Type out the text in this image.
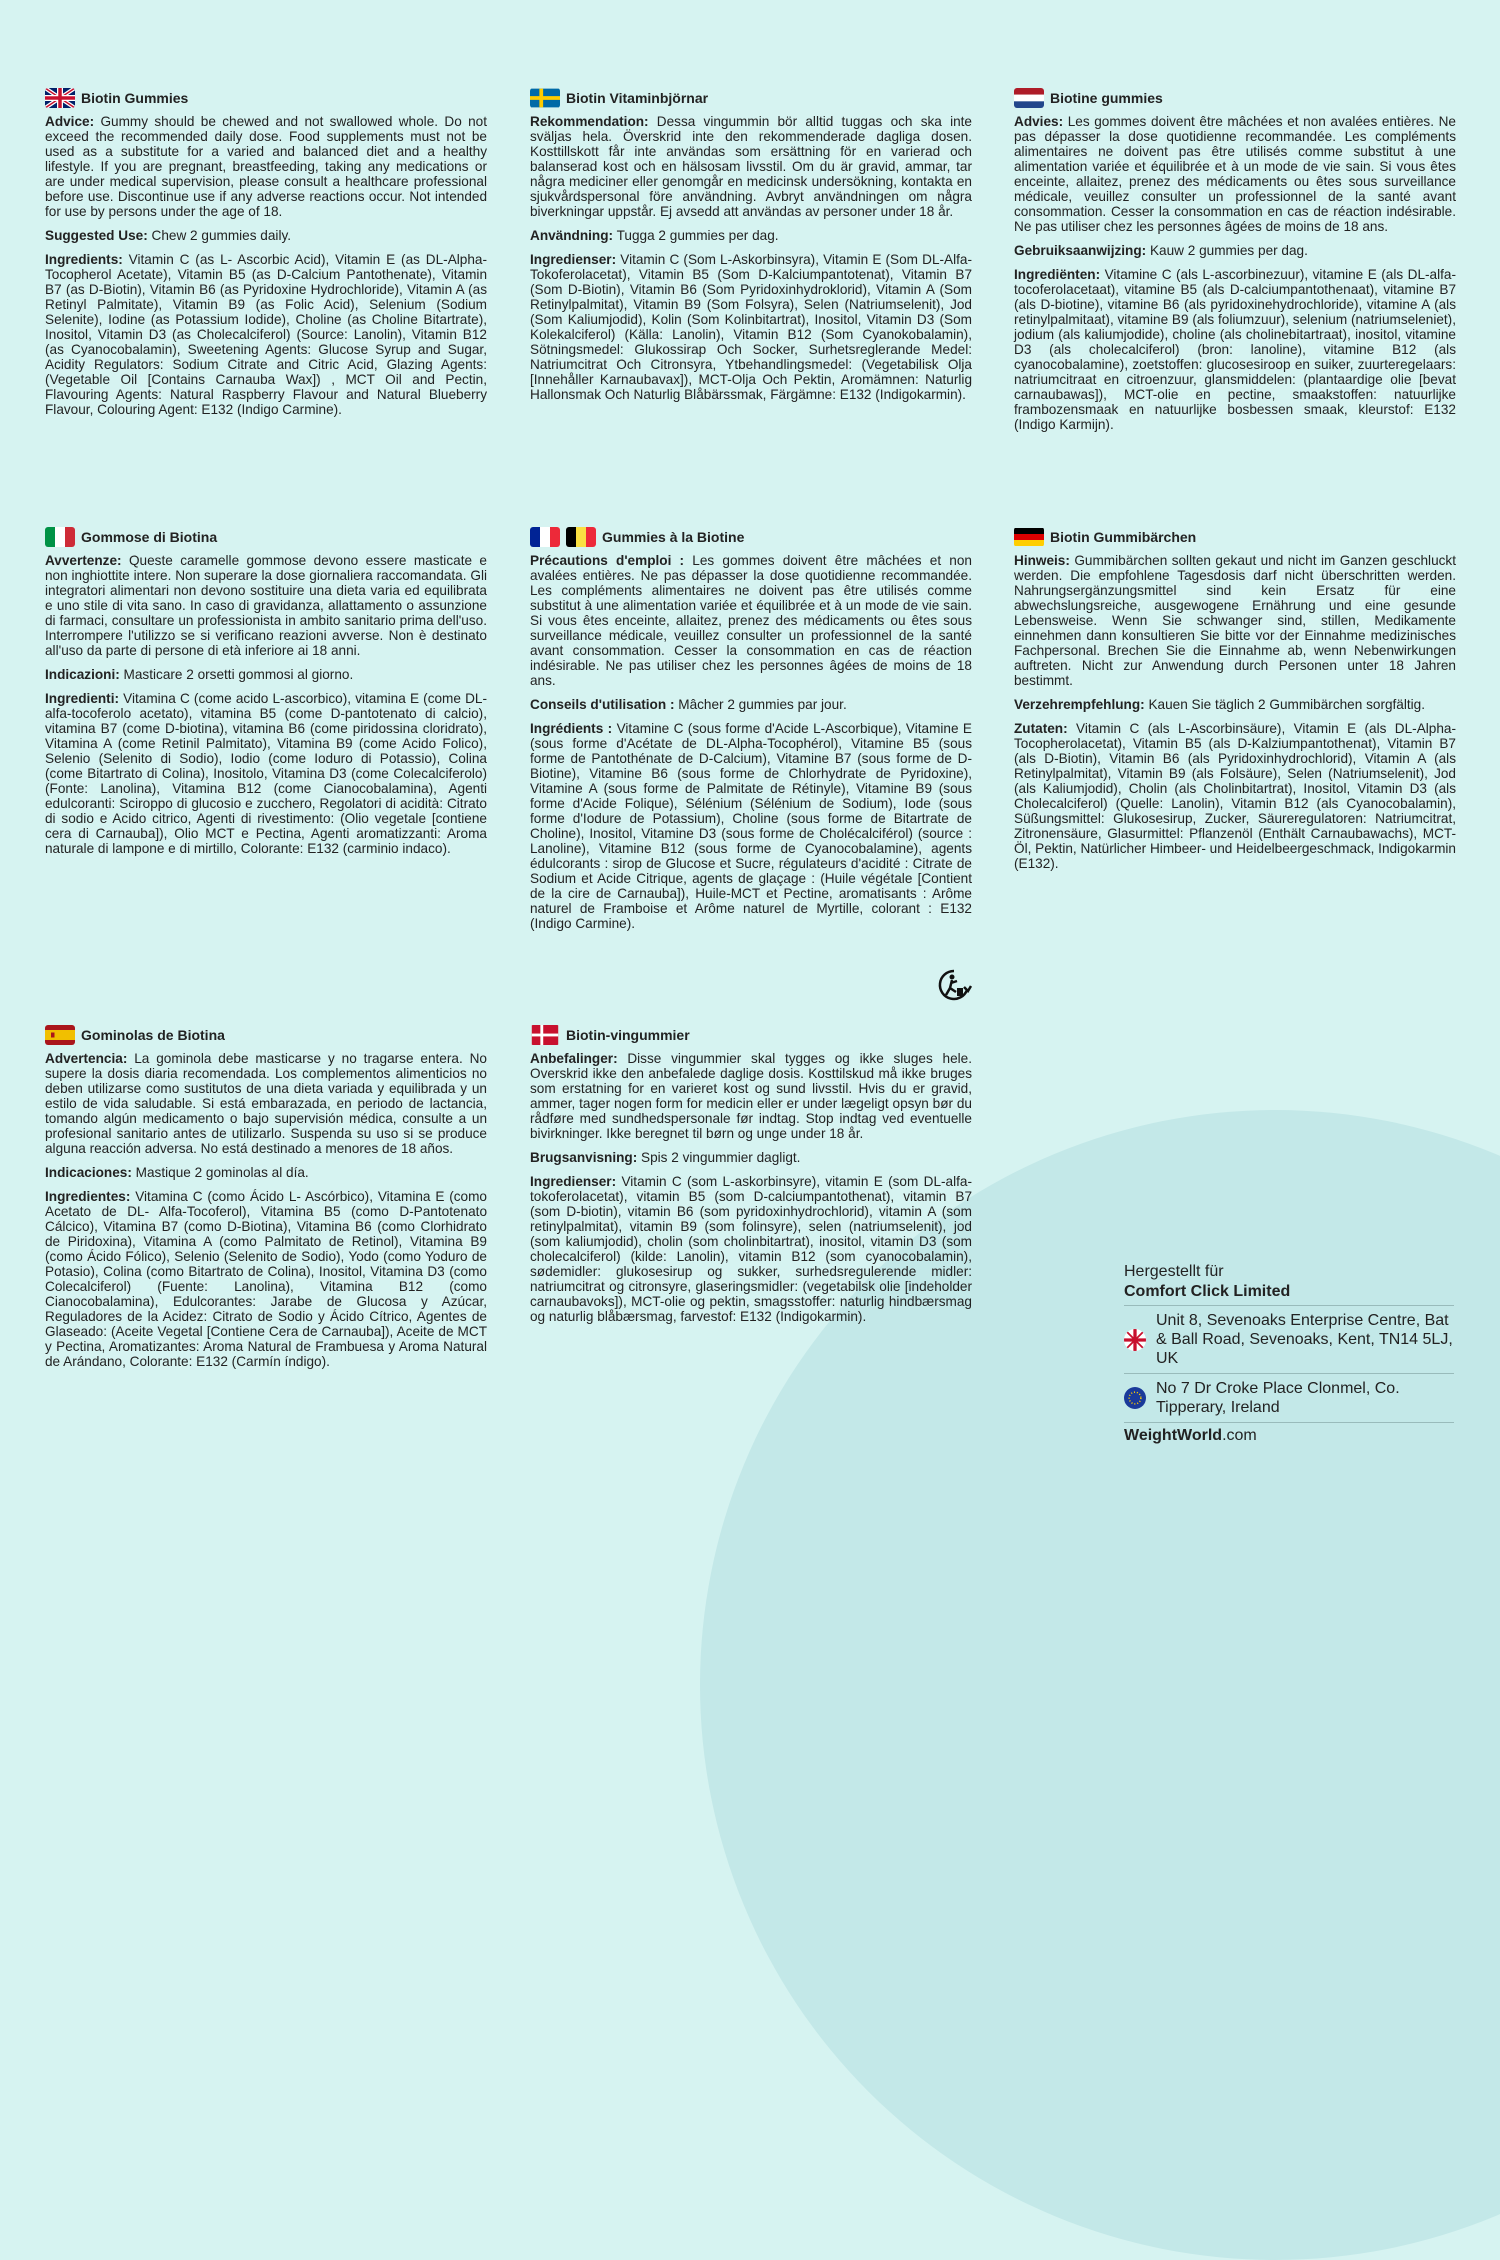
Biotin Gummies

Advice: Gummy should be chewed and not swallowed whole. Do not exceed the recommended daily dose. Food supplements must not be used as a substitute for a varied and balanced diet and a healthy lifestyle. If you are pregnant, breastfeeding, taking any medications or are under medical supervision, please consult a healthcare professional before use. Discontinue use if any adverse reactions occur. Not intended for use by persons under the age of 18.

Suggested Use: Chew 2 gummies daily.

Ingredients: Vitamin C (as L- Ascorbic Acid), Vitamin E (as DL-Alpha-Tocopherol Acetate), Vitamin B5 (as D-Calcium Pantothenate), Vitamin B7 (as D-Biotin), Vitamin B6 (as Pyridoxine Hydrochloride), Vitamin A (as Retinyl Palmitate), Vitamin B9 (as Folic Acid), Selenium (Sodium Selenite), Iodine (as Potassium Iodide), Choline (as Choline Bitartrate), Inositol, Vitamin D3 (as Cholecalciferol) (Source: Lanolin), Vitamin B12 (as Cyanocobalamin), Sweetening Agents: Glucose Syrup and Sugar, Acidity Regulators: Sodium Citrate and Citric Acid, Glazing Agents: (Vegetable Oil [Contains Carnauba Wax]) , MCT Oil and Pectin, Flavouring Agents: Natural Raspberry Flavour and Natural Blueberry Flavour, Colouring Agent: E132 (Indigo Carmine).

Biotin Vitaminbjörnar

Rekommendation: Dessa vingummin bör alltid tuggas och ska inte sväljas hela. Överskrid inte den rekommenderade dagliga dosen. Kosttillskott får inte användas som ersättning för en varierad och balanserad kost och en hälsosam livsstil. Om du är gravid, ammar, tar några mediciner eller genomgår en medicinsk undersökning, kontakta en sjukvårdspersonal före användning. Avbryt användningen om några biverkningar uppstår. Ej avsedd att användas av personer under 18 år.

Användning: Tugga 2 gummies per dag.

Ingredienser: Vitamin C (Som L-Askorbinsyra), Vitamin E (Som DL-Alfa-Tokoferolacetat), Vitamin B5 (Som D-Kalciumpantotenat), Vitamin B7 (Som D-Biotin), Vitamin B6 (Som Pyridoxinhydroklorid), Vitamin A (Som Retinylpalmitat), Vitamin B9 (Som Folsyra), Selen (Natriumselenit), Jod (Som Kaliumjodid), Kolin (Som Kolinbitartrat), Inositol, Vitamin D3 (Som Kolekalciferol) (Källa: Lanolin), Vitamin B12 (Som Cyanokobalamin), Sötningsmedel: Glukossirap Och Socker, Surhetsreglerande Medel: Natriumcitrat Och Citronsyra, Ytbehandlingsmedel: (Vegetabilisk Olja [Innehåller Karnaubavax]), MCT-Olja Och Pektin, Aromämnen: Naturlig Hallonsmak Och Naturlig Blåbärssmak, Färgämne: E132 (Indigokarmin).

Biotine gummies

Advies: Les gommes doivent être mâchées et non avalées entières. Ne pas dépasser la dose quotidienne recommandée. Les compléments alimentaires ne doivent pas être utilisés comme substitut à une alimentation variée et équilibrée et à un mode de vie sain. Si vous êtes enceinte, allaitez, prenez des médicaments ou êtes sous surveillance médicale, veuillez consulter un professionnel de la santé avant consommation. Cesser la consommation en cas de réaction indésirable. Ne pas utiliser chez les personnes âgées de moins de 18 ans.

Gebruiksaanwijzing: Kauw 2 gummies per dag.

Ingrediënten: Vitamine C (als L-ascorbinezuur), vitamine E (als DL-alfa-tocoferolacetaat), vitamine B5 (als D-calciumpantothenaat), vitamine B7 (als D-biotine), vitamine B6 (als pyridoxinehydrochloride), vitamine A (als retinylpalmitaat), vitamine B9 (als foliumzuur), selenium (natriumseleniet), jodium (als kaliumjodide), choline (als cholinebitartraat), inositol, vitamine D3 (als cholecalciferol) (bron: lanoline), vitamine B12 (als cyanocobalamine), zoetstoffen: glucosesiroop en suiker, zuurteregelaars: natriumcitraat en citroenzuur, glansmiddelen: (plantaardige olie [bevat carnaubawas]), MCT-olie en pectine, smaakstoffen: natuurlijke frambozensmaak en natuurlijke bosbessen smaak, kleurstof: E132 (Indigo Karmijn).

Gommose di Biotina

Avvertenze: Queste caramelle gommose devono essere masticate e non inghiottite intere. Non superare la dose giornaliera raccomandata. Gli integratori alimentari non devono sostituire una dieta varia ed equilibrata e uno stile di vita sano. In caso di gravidanza, allattamento o assunzione di farmaci, consultare un professionista in ambito sanitario prima dell'uso. Interrompere l'utilizzo se si verificano reazioni avverse. Non è destinato all'uso da parte di persone di età inferiore ai 18 anni.

Indicazioni: Masticare 2 orsetti gommosi al giorno.

Ingredienti: Vitamina C (come acido L-ascorbico), vitamina E (come DL-alfa-tocoferolo acetato), vitamina B5 (come D-pantotenato di calcio), vitamina B7 (come D-biotina), vitamina B6 (come piridossina cloridrato), Vitamina A (come Retinil Palmitato), Vitamina B9 (come Acido Folico), Selenio (Selenito di Sodio), Iodio (come Ioduro di Potassio), Colina (come Bitartrato di Colina), Inositolo, Vitamina D3 (come Colecalciferolo) (Fonte: Lanolina), Vitamina B12 (come Cianocobalamina), Agenti edulcoranti: Sciroppo di glucosio e zucchero, Regolatori di acidità: Citrato di sodio e Acido citrico, Agenti di rivestimento: (Olio vegetale [contiene cera di Carnauba]), Olio MCT e Pectina, Agenti aromatizzanti: Aroma naturale di lampone e di mirtillo, Colorante: E132 (carminio indaco).

Gummies à la Biotine

Précautions d'emploi : Les gommes doivent être mâchées et non avalées entières. Ne pas dépasser la dose quotidienne recommandée. Les compléments alimentaires ne doivent pas être utilisés comme substitut à une alimentation variée et équilibrée et à un mode de vie sain. Si vous êtes enceinte, allaitez, prenez des médicaments ou êtes sous surveillance médicale, veuillez consulter un professionnel de la santé avant consommation. Cesser la consommation en cas de réaction indésirable. Ne pas utiliser chez les personnes âgées de moins de 18 ans.

Conseils d'utilisation : Mâcher 2 gummies par jour.

Ingrédients : Vitamine C (sous forme d'Acide L-Ascorbique), Vitamine E (sous forme d'Acétate de DL-Alpha-Tocophérol), Vitamine B5 (sous forme de Pantothénate de D-Calcium), Vitamine B7 (sous forme de D-Biotine), Vitamine B6 (sous forme de Chlorhydrate de Pyridoxine), Vitamine A (sous forme de Palmitate de Rétinyle), Vitamine B9 (sous forme d'Acide Folique), Sélénium (Sélénium de Sodium), Iode (sous forme d'Iodure de Potassium), Choline (sous forme de Bitartrate de Choline), Inositol, Vitamine D3 (sous forme de Cholécalciférol) (source : Lanoline), Vitamine B12 (sous forme de Cyanocobalamine), agents édulcorants : sirop de Glucose et Sucre, régulateurs d'acidité : Citrate de Sodium et Acide Citrique, agents de glaçage : (Huile végétale [Contient de la cire de Carnauba]), Huile-MCT et Pectine, aromatisants : Arôme naturel de Framboise et Arôme naturel de Myrtille, colorant : E132 (Indigo Carmine).

Biotin Gummibärchen

Hinweis: Gummibärchen sollten gekaut und nicht im Ganzen geschluckt werden. Die empfohlene Tagesdosis darf nicht überschritten werden. Nahrungsergänzungsmittel sind kein Ersatz für eine abwechslungsreiche, ausgewogene Ernährung und eine gesunde Lebensweise. Wenn Sie schwanger sind, stillen, Medikamente einnehmen dann konsultieren Sie bitte vor der Einnahme medizinisches Fachpersonal. Brechen Sie die Einnahme ab, wenn Nebenwirkungen auftreten. Nicht zur Anwendung durch Personen unter 18 Jahren bestimmt.

Verzehrempfehlung: Kauen Sie täglich 2 Gummibärchen sorgfältig.

Zutaten: Vitamin C (als L-Ascorbinsäure), Vitamin E (als DL-Alpha-Tocopherolacetat), Vitamin B5 (als D-Kalziumpantothenat), Vitamin B7 (als D-Biotin), Vitamin B6 (als Pyridoxinhydrochlorid), Vitamin A (als Retinylpalmitat), Vitamin B9 (als Folsäure), Selen (Natriumselenit), Jod (als Kaliumjodid), Cholin (als Cholinbitartrat), Inositol, Vitamin D3 (als Cholecalciferol) (Quelle: Lanolin), Vitamin B12 (als Cyanocobalamin), Süßungsmittel: Glukosesirup, Zucker, Säureregulatoren: Natriumcitrat, Zitronensäure, Glasurmittel: Pflanzenöl (Enthält Carnaubawachs), MCT-Öl, Pektin, Natürlicher Himbeer- und Heidelbeergeschmack, Indigokarmin (E132).

Gominolas de Biotina

Advertencia: La gominola debe masticarse y no tragarse entera. No supere la dosis diaria recomendada. Los complementos alimenticios no deben utilizarse como sustitutos de una dieta variada y equilibrada y un estilo de vida saludable. Si está embarazada, en periodo de lactancia, tomando algún medicamento o bajo supervisión médica, consulte a un profesional sanitario antes de utilizarlo. Suspenda su uso si se produce alguna reacción adversa. No está destinado a menores de 18 años.

Indicaciones: Mastique 2 gominolas al día.

Ingredientes: Vitamina C (como Ácido L- Ascórbico), Vitamina E (como Acetato de DL- Alfa-Tocoferol), Vitamina B5 (como D-Pantotenato Cálcico), Vitamina B7 (como D-Biotina), Vitamina B6 (como Clorhidrato de Piridoxina), Vitamina A (como Palmitato de Retinol), Vitamina B9 (como Ácido Fólico), Selenio (Selenito de Sodio), Yodo (como Yoduro de Potasio), Colina (como Bitartrato de Colina), Inositol, Vitamina D3 (como Colecalciferol) (Fuente: Lanolina), Vitamina B12 (como Cianocobalamina), Edulcorantes: Jarabe de Glucosa y Azúcar, Reguladores de la Acidez: Citrato de Sodio y Ácido Cítrico, Agentes de Glaseado: (Aceite Vegetal [Contiene Cera de Carnauba]), Aceite de MCT y Pectina, Aromatizantes: Aroma Natural de Frambuesa y Aroma Natural de Arándano, Colorante: E132 (Carmín índigo).

Biotin-vingummier

Anbefalinger: Disse vingummier skal tygges og ikke sluges hele. Overskrid ikke den anbefalede daglige dosis. Kosttilskud må ikke bruges som erstatning for en varieret kost og sund livsstil. Hvis du er gravid, ammer, tager nogen form for medicin eller er under lægeligt opsyn bør du rådføre med sundhedspersonale før indtag. Stop indtag ved eventuelle bivirkninger. Ikke beregnet til børn og unge under 18 år.

Brugsanvisning: Spis 2 vingummier dagligt.

Ingredienser: Vitamin C (som L-askorbinsyre), vitamin E (som DL-alfa-tokoferolacetat), vitamin B5 (som D-calciumpantothenat), vitamin B7 (som D-biotin), vitamin B6 (som pyridoxinhydrochlorid), vitamin A (som retinylpalmitat), vitamin B9 (som folinsyre), selen (natriumselenit), jod (som kaliumjodid), cholin (som cholinbitartrat), inositol, vitamin D3 (som cholecalciferol) (kilde: Lanolin), vitamin B12 (som cyanocobalamin), sødemidler: glukosesirup og sukker, surhedsregulerende midler: natriumcitrat og citronsyre, glaseringsmidler: (vegetabilsk olie [indeholder carnaubavoks]), MCT-olie og pektin, smagsstoffer: naturlig hindbærsmag og naturlig blåbærsmag, farvestof: E132 (Indigokarmin).

Hergestellt für
Comfort Click Limited
Unit 8, Sevenoaks Enterprise Centre, Bat & Ball Road, Sevenoaks, Kent, TN14 5LJ, UK
No 7 Dr Croke Place Clonmel, Co. Tipperary, Ireland
WeightWorld.com
